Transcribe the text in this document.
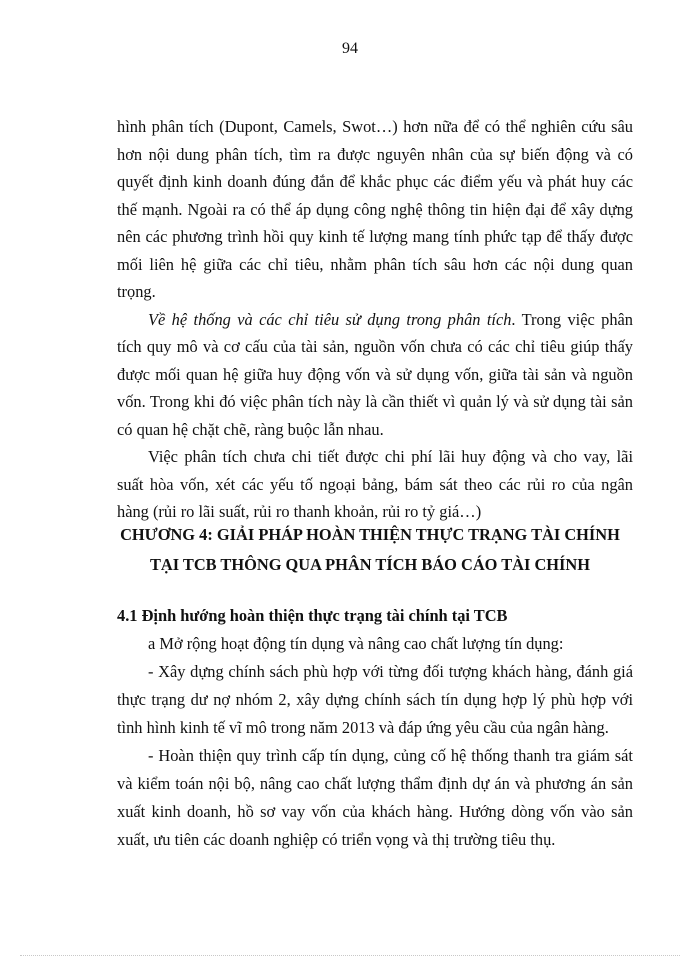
94
hình phân tích (Dupont, Camels, Swot…) hơn nữa để có thể nghiên cứu sâu
hơn nội dung phân tích, tìm ra được nguyên nhân của sự biến động và có
quyết định kinh doanh đúng đắn để khắc phục các điểm yếu và phát huy các
thế mạnh. Ngoài ra có thể áp dụng công nghệ thông tin hiện đại để xây dựng
nên các phương trình hồi quy kinh tế lượng mang tính phức tạp để thấy được
mối liên hệ giữa các chỉ tiêu, nhằm phân tích sâu hơn các nội dung quan
trọng.
Về hệ thống và các chỉ tiêu sử dụng trong phân tích. Trong việc phân
tích quy mô và cơ cấu của tài sản, nguồn vốn chưa có các chỉ tiêu giúp thấy
được mối quan hệ giữa huy động vốn và sử dụng vốn, giữa tài sản và nguồn
vốn. Trong khi đó việc phân tích này là cần thiết vì quản lý và sử dụng tài sản
có quan hệ chặt chẽ, ràng buộc lẫn nhau.
Việc phân tích chưa chi tiết được chi phí lãi huy động và cho vay, lãi
suất hòa vốn, xét các yếu tố ngoại bảng, bám sát theo các rủi ro của ngân
hàng (rủi ro lãi suất, rủi ro thanh khoản, rủi ro tỷ giá…)
CHƯƠNG 4: GIẢI PHÁP HOÀN THIỆN THỰC TRẠNG TÀI CHÍNH
TẠI TCB THÔNG QUA PHÂN TÍCH BÁO CÁO TÀI CHÍNH
4.1 Định hướng hoàn thiện thực trạng tài chính tại TCB
a Mở rộng hoạt động tín dụng và nâng cao chất lượng tín dụng:
- Xây dựng chính sách phù hợp với từng đối tượng khách hàng, đánh giá
thực trạng dư nợ nhóm 2, xây dựng chính sách tín dụng hợp lý phù hợp với
tình hình kinh tế vĩ mô trong năm 2013 và đáp ứng yêu cầu của ngân hàng.
- Hoàn thiện quy trình cấp tín dụng, củng cố hệ thống thanh tra giám sát
và kiểm toán nội bộ, nâng cao chất lượng thẩm định dự án và phương án sản
xuất kinh doanh, hồ sơ vay vốn của khách hàng. Hướng dòng vốn vào sản
xuất, ưu tiên các doanh nghiệp có triển vọng và thị trường tiêu thụ.
